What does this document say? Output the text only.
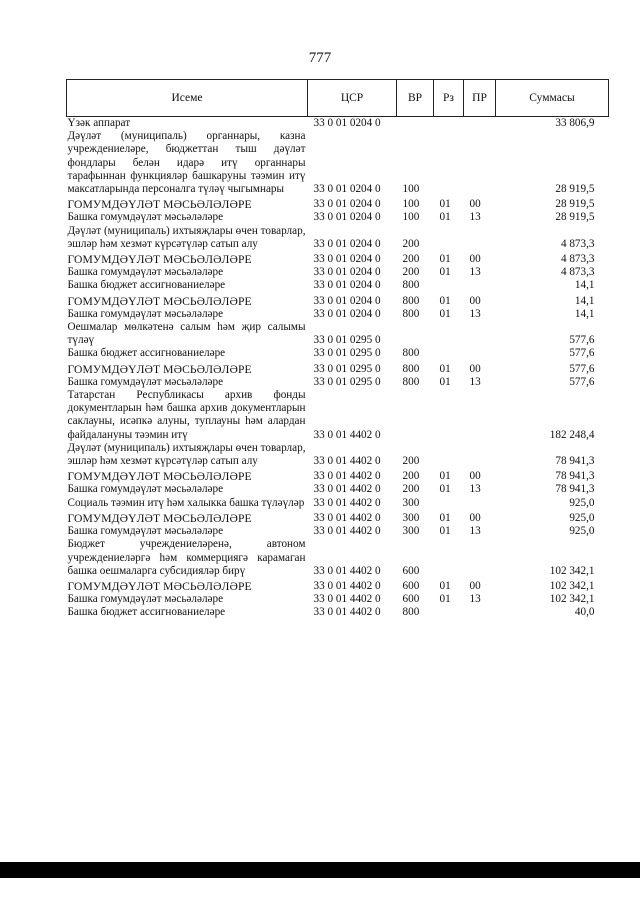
777
Исеме	ЦСР	ВР	Рз	ПР	Суммасы
Үзәк аппарат	33 0 01 0204 0				33 806,9
Дәүләт (муниципаль) органнары, казна учреждениеләре, бюджеттан тыш дәүләт фондлары белән идарә итү органнары тарафыннан функцияләр башкаруны тәэмин итү максатларында персоналга түләү чыгымнары	33 0 01 0204 0	100			28 919,5
ГОМУМДӘҮЛӘТ МӘСЬӘЛӘЛӘРЕ	33 0 01 0204 0	100	01	00	28 919,5
Башка гомумдәүләт мәсьәләләре	33 0 01 0204 0	100	01	13	28 919,5
Дәүләт (муниципаль) ихтыяҗлары өчен товарлар, эшләр һәм хезмәт күрсәтүләр сатып алу	33 0 01 0204 0	200			4 873,3
ГОМУМДӘҮЛӘТ МӘСЬӘЛӘЛӘРЕ	33 0 01 0204 0	200	01	00	4 873,3
Башка гомумдәүләт мәсьәләләре	33 0 01 0204 0	200	01	13	4 873,3
Башка бюджет ассигнованиеләре	33 0 01 0204 0	800			14,1
ГОМУМДӘҮЛӘТ МӘСЬӘЛӘЛӘРЕ	33 0 01 0204 0	800	01	00	14,1
Башка гомумдәүләт мәсьәләләре	33 0 01 0204 0	800	01	13	14,1
Оешмалар мөлкәтенә салым һәм җир салымы түләү	33 0 01 0295 0				577,6
Башка бюджет ассигнованиеләре	33 0 01 0295 0	800			577,6
ГОМУМДӘҮЛӘТ МӘСЬӘЛӘЛӘРЕ	33 0 01 0295 0	800	01	00	577,6
Башка гомумдәүләт мәсьәләләре	33 0 01 0295 0	800	01	13	577,6
Татарстан Республикасы архив фонды документларын һәм башка архив документларын саклауны, исәпкә алуны, туплауны һәм алардан файдалануны тәэмин итү	33 0 01 4402 0				182 248,4
Дәүләт (муниципаль) ихтыяҗлары өчен товарлар, эшләр һәм хезмәт күрсәтүләр сатып алу	33 0 01 4402 0	200			78 941,3
ГОМУМДӘҮЛӘТ МӘСЬӘЛӘЛӘРЕ	33 0 01 4402 0	200	01	00	78 941,3
Башка гомумдәүләт мәсьәләләре	33 0 01 4402 0	200	01	13	78 941,3
Социаль тәэмин итү һәм халыкка башка түләүләр	33 0 01 4402 0	300			925,0
ГОМУМДӘҮЛӘТ МӘСЬӘЛӘЛӘРЕ	33 0 01 4402 0	300	01	00	925,0
Башка гомумдәүләт мәсьәләләре	33 0 01 4402 0	300	01	13	925,0
Бюджет учреждениеләренә, автоном учреждениеләргә һәм коммерциягә карамаган башка оешмаларга субсидияләр бирү	33 0 01 4402 0	600			102 342,1
ГОМУМДӘҮЛӘТ МӘСЬӘЛӘЛӘРЕ	33 0 01 4402 0	600	01	00	102 342,1
Башка гомумдәүләт мәсьәләләре	33 0 01 4402 0	600	01	13	102 342,1
Башка бюджет ассигнованиеләре	33 0 01 4402 0	800			40,0
